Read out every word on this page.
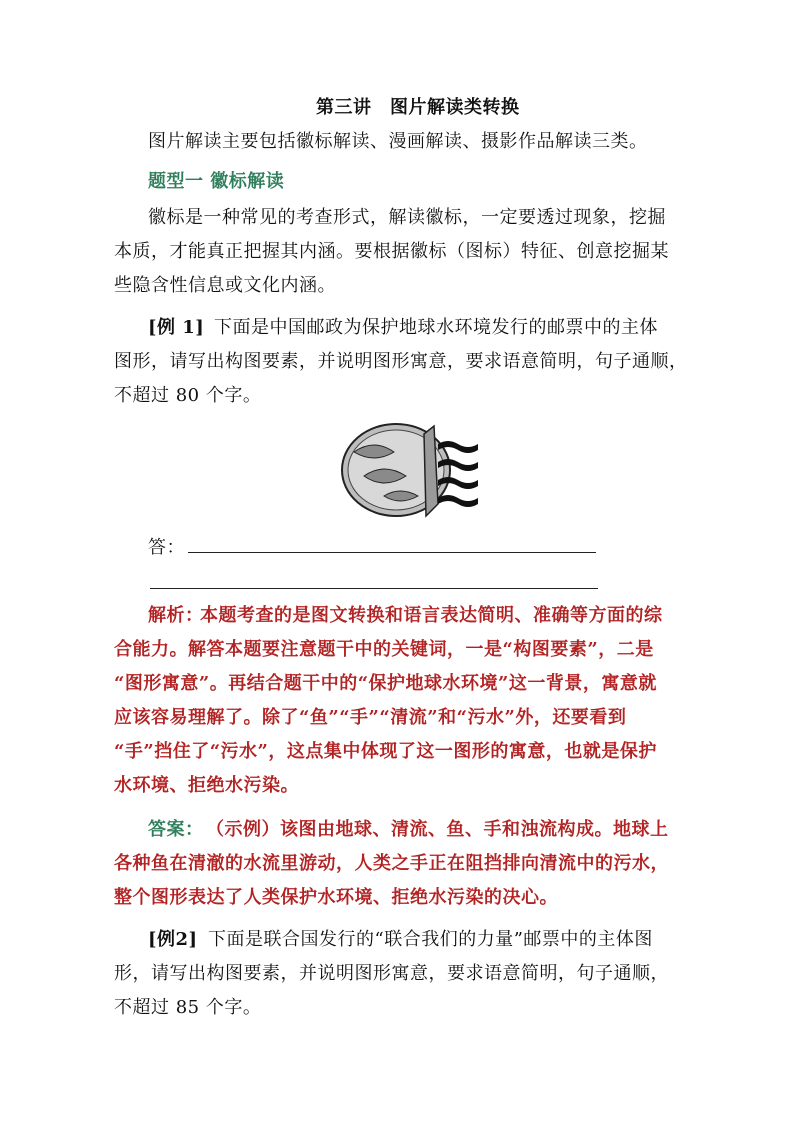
第三讲　图片解读类转换
图片解读主要包括徽标解读、漫画解读、摄影作品解读三类。
题型一 徽标解读
徽标是一种常见的考查形式，解读徽标，一定要透过现象，挖掘
本质，才能真正把握其内涵。要根据徽标（图标）特征、创意挖掘某
些隐含性信息或文化内涵。
[例 1] 下面是中国邮政为保护地球水环境发行的邮票中的主体
图形，请写出构图要素，并说明图形寓意，要求语意简明，句子通顺，
不超过 80 个字。
答：
解析：
本题考查的是图文转换和语言表达简明、准确等方面的综
合能力。解答本题要注意题干中的关键词，一是“构图要素”，二是
“图形寓意”。再结合题干中的“保护地球水环境”这一背景，寓意就
应该容易理解了。除了“鱼”“手”“清流”和“污水”外，还要看到
“手”挡住了“污水”，这点集中体现了这一图形的寓意，也就是保护
水环境、拒绝水污染。
答案： （示例）该图由地球、清流、鱼、手和浊流构成。地球上
各种鱼在清澈的水流里游动，人类之手正在阻挡排向清流中的污水，
整个图形表达了人类保护水环境、拒绝水污染的决心。
[例2] 下面是联合国发行的“联合我们的力量”邮票中的主体图
形，请写出构图要素，并说明图形寓意，要求语意简明，句子通顺，
不超过 85 个字。
